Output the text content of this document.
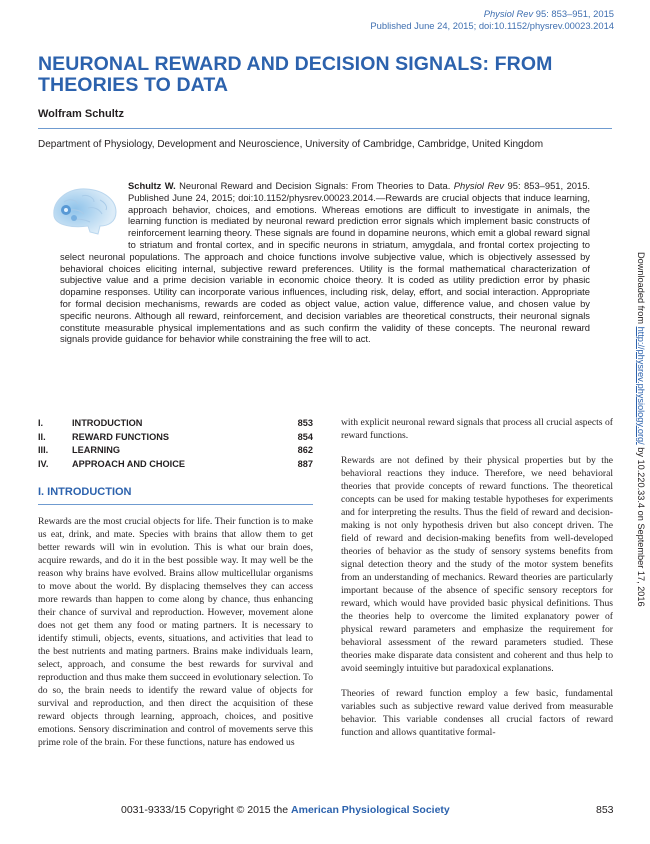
Physiol Rev 95: 853–951, 2015
Published June 24, 2015; doi:10.1152/physrev.00023.2014
NEURONAL REWARD AND DECISION SIGNALS: FROM THEORIES TO DATA
Wolfram Schultz
Department of Physiology, Development and Neuroscience, University of Cambridge, Cambridge, United Kingdom
Schultz W. Neuronal Reward and Decision Signals: From Theories to Data. Physiol Rev 95: 853–951, 2015. Published June 24, 2015; doi:10.1152/physrev.00023.2014.—Rewards are crucial objects that induce learning, approach behavior, choices, and emotions. Whereas emotions are difficult to investigate in animals, the learning function is mediated by neuronal reward prediction error signals which implement basic constructs of reinforcement learning theory. These signals are found in dopamine neurons, which emit a global reward signal to striatum and frontal cortex, and in specific neurons in striatum, amygdala, and frontal cortex projecting to select neuronal populations. The approach and choice functions involve subjective value, which is objectively assessed by behavioral choices eliciting internal, subjective reward preferences. Utility is the formal mathematical characterization of subjective value and a prime decision variable in economic choice theory. It is coded as utility prediction error by phasic dopamine responses. Utility can incorporate various influences, including risk, delay, effort, and social interaction. Appropriate for formal decision mechanisms, rewards are coded as object value, action value, difference value, and chosen value by specific neurons. Although all reward, reinforcement, and decision variables are theoretical constructs, their neuronal signals constitute measurable physical implementations and as such confirm the validity of these concepts. The neuronal reward signals provide guidance for behavior while constraining the free will to act.
I.	INTRODUCTION	853
II.	REWARD FUNCTIONS	854
III.	LEARNING	862
IV.	APPROACH AND CHOICE	887
I. INTRODUCTION

Rewards are the most crucial objects for life. Their function is to make us eat, drink, and mate. Species with brains that allow them to get better rewards will win in evolution. This is what our brain does, acquire rewards, and do it in the best possible way. It may well be the reason why brains have evolved. Brains allow multicellular organisms to move about the world. By displacing themselves they can access more rewards than happen to come along by chance, thus enhancing their chance of survival and reproduction. However, movement alone does not get them any food or mating partners. It is necessary to identify stimuli, objects, events, situations, and activities that lead to the best nutrients and mating partners. Brains make individuals learn, select, approach, and consume the best rewards for survival and reproduction and thus make them succeed in evolutionary selection. To do so, the brain needs to identify the reward value of objects for survival and reproduction, and then direct the acquisition of these reward objects through learning, approach, choices, and positive emotions. Sensory discrimination and control of movements serve this prime role of the brain. For these functions, nature has endowed us

with explicit neuronal reward signals that process all crucial aspects of reward functions.

Rewards are not defined by their physical properties but by the behavioral reactions they induce. Therefore, we need behavioral theories that provide concepts of reward functions. The theoretical concepts can be used for making testable hypotheses for experiments and for interpreting the results. Thus the field of reward and decision-making is not only hypothesis driven but also concept driven. The field of reward and decision-making benefits from well-developed theories of behavior as the study of sensory systems benefits from signal detection theory and the study of the motor system benefits from an understanding of mechanics. Reward theories are particularly important because of the absence of specific sensory receptors for reward, which would have provided basic physical definitions. Thus the theories help to overcome the limited explanatory power of physical reward parameters and emphasize the requirement for behavioral assessment of the reward parameters studied. These theories make disparate data consistent and coherent and thus help to avoid seemingly intuitive but paradoxical explanations.

Theories of reward function employ a few basic, fundamental variables such as subjective reward value derived from measurable behavior. This variable condenses all crucial factors of reward function and allows quantitative formal-

0031-9333/15 Copyright © 2015 the American Physiological Society	853
Downloaded from http://physrev.physiology.org/ by 10.220.33.4 on September 17, 2016
